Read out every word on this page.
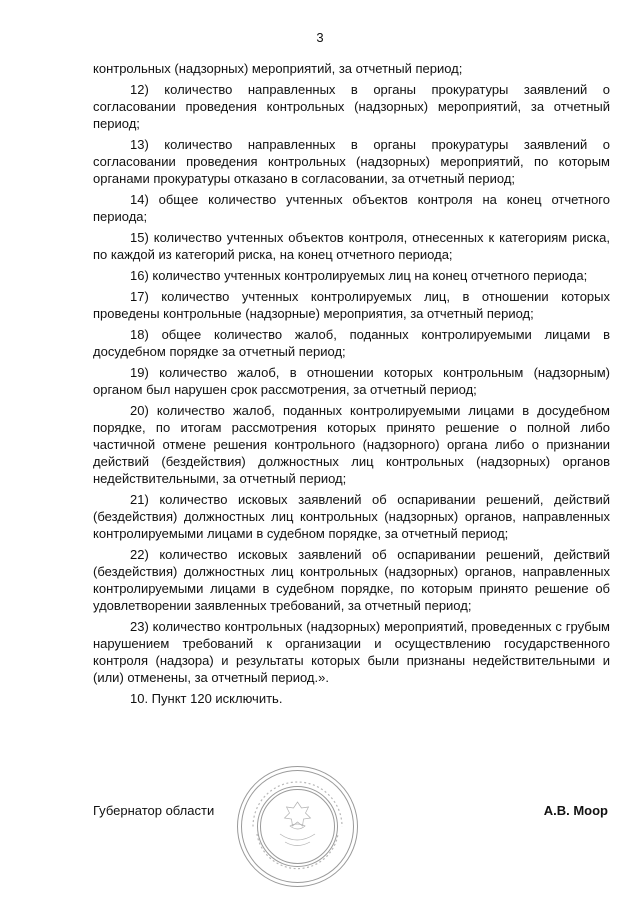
3

контрольных (надзорных) мероприятий, за отчетный период;

12) количество направленных в органы прокуратуры заявлений о согласовании проведения контрольных (надзорных) мероприятий, за отчетный период;

13) количество направленных в органы прокуратуры заявлений о согласовании проведения контрольных (надзорных) мероприятий, по которым органами прокуратуры отказано в согласовании, за отчетный период;

14) общее количество учтенных объектов контроля на конец отчетного периода;

15) количество учтенных объектов контроля, отнесенных к категориям риска, по каждой из категорий риска, на конец отчетного периода;

16) количество учтенных контролируемых лиц на конец отчетного периода;

17) количество учтенных контролируемых лиц, в отношении которых проведены контрольные (надзорные) мероприятия, за отчетный период;

18) общее количество жалоб, поданных контролируемыми лицами в досудебном порядке за отчетный период;

19) количество жалоб, в отношении которых контрольным (надзорным) органом был нарушен срок рассмотрения, за отчетный период;

20) количество жалоб, поданных контролируемыми лицами в досудебном порядке, по итогам рассмотрения которых принято решение о полной либо частичной отмене решения контрольного (надзорного) органа либо о признании действий (бездействия) должностных лиц контрольных (надзорных) органов недействительными, за отчетный период;

21) количество исковых заявлений об оспаривании решений, действий (бездействия) должностных лиц контрольных (надзорных) органов, направленных контролируемыми лицами в судебном порядке, за отчетный период;

22) количество исковых заявлений об оспаривании решений, действий (бездействия) должностных лиц контрольных (надзорных) органов, направленных контролируемыми лицами в судебном порядке, по которым принято решение об удовлетворении заявленных требований, за отчетный период;

23) количество контрольных (надзорных) мероприятий, проведенных с грубым нарушением требований к организации и осуществлению государственного контроля (надзора) и результаты которых были признаны недействительными и (или) отменены, за отчетный период.».

10. Пункт 120 исключить.

Губернатор области	А.В. Моор
